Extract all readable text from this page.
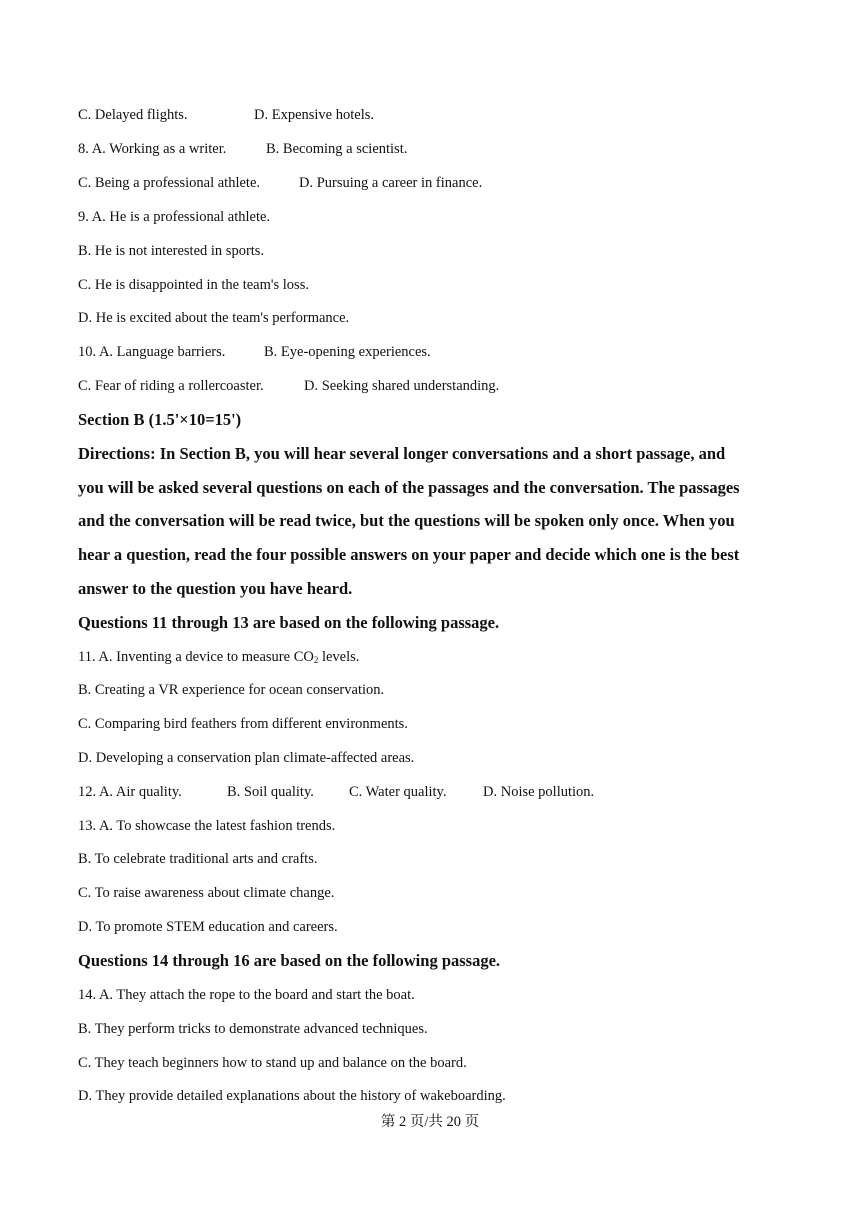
C. Delayed flights.	D. Expensive hotels.
8. A. Working as a writer.	B. Becoming a scientist.
C. Being a professional athlete.	D. Pursuing a career in finance.
9. A. He is a professional athlete.
B. He is not interested in sports.
C. He is disappointed in the team's loss.
D. He is excited about the team's performance.
10. A. Language barriers.	B. Eye-opening experiences.
C. Fear of riding a rollercoaster.	D. Seeking shared understanding.
Section B (1.5'×10=15')
Directions: In Section B, you will hear several longer conversations and a short passage, and
you will be asked several questions on each of the passages and the conversation. The passages
and the conversation will be read twice, but the questions will be spoken only once. When you
hear a question, read the four possible answers on your paper and decide which one is the best
answer to the question you have heard.
Questions 11 through 13 are based on the following passage.
11. A. Inventing a device to measure $CO_2$ levels.
B. Creating a VR experience for ocean conservation.
C. Comparing bird feathers from different environments.
D. Developing a conservation plan climate-affected areas.
12. A. Air quality.	B. Soil quality. C. Water quality.	D. Noise pollution.
13. A. To showcase the latest fashion trends.
B. To celebrate traditional arts and crafts.
C. To raise awareness about climate change.
D. To promote STEM education and careers.
Questions 14 through 16 are based on the following passage.
14. A. They attach the rope to the board and start the boat.
B. They perform tricks to demonstrate advanced techniques.
C. They teach beginners how to stand up and balance on the board.
D. They provide detailed explanations about the history of wakeboarding.
第 2 页/共 20 页
